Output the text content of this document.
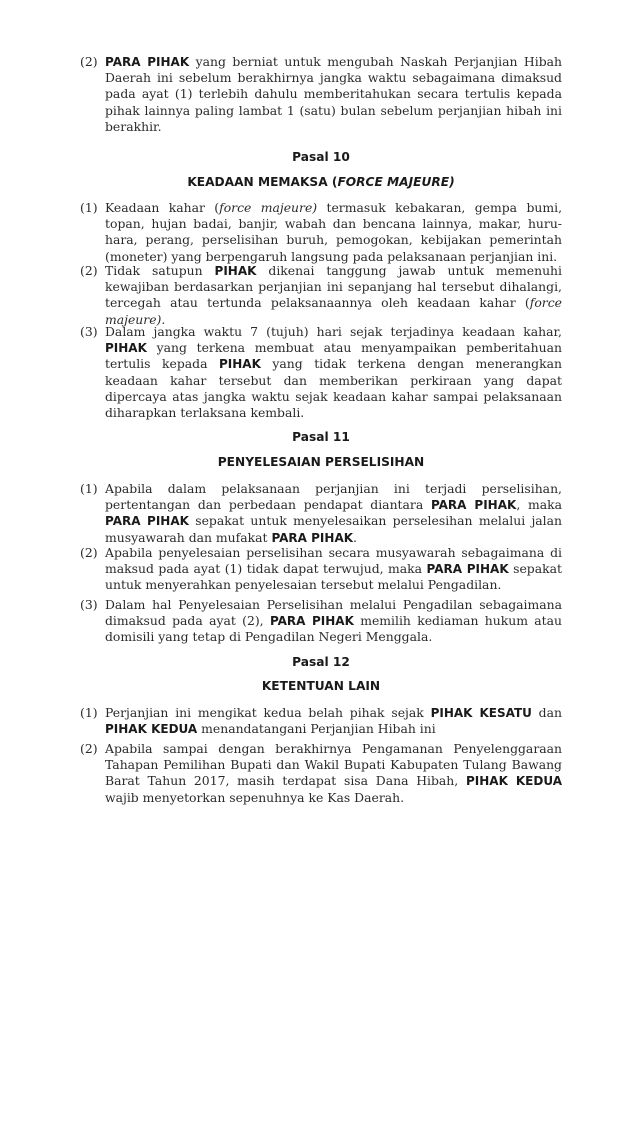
(2) PARA PIHAK yang berniat untuk mengubah Naskah Perjanjian Hibah Daerah ini sebelum berakhirnya jangka waktu sebagaimana dimaksud pada ayat (1) terlebih dahulu memberitahukan secara tertulis kepada pihak lainnya paling lambat 1 (satu) bulan sebelum perjanjian hibah ini berakhir.
Pasal 10
KEADAAN MEMAKSA (FORCE MAJEURE)
(1) Keadaan kahar (force majeure) termasuk kebakaran, gempa bumi, topan, hujan badai, banjir, wabah dan bencana lainnya, makar, huru-hara, perang, perselisihan buruh, pemogokan, kebijakan pemerintah (moneter) yang berpengaruh langsung pada pelaksanaan perjanjian ini.
(2) Tidak satupun PIHAK dikenai tanggung jawab untuk memenuhi kewajiban berdasarkan perjanjian ini sepanjang hal tersebut dihalangi, tercegah atau tertunda pelaksanaannya oleh keadaan kahar (force majeure).
(3) Dalam jangka waktu 7 (tujuh) hari sejak terjadinya keadaan kahar, PIHAK yang terkena membuat atau menyampaikan pemberitahuan tertulis kepada PIHAK yang tidak terkena dengan menerangkan keadaan kahar tersebut dan memberikan perkiraan yang dapat dipercaya atas jangka waktu sejak keadaan kahar sampai pelaksanaan diharapkan terlaksana kembali.
Pasal 11
PENYELESAIAN PERSELISIHAN
(1) Apabila dalam pelaksanaan perjanjian ini terjadi perselisihan, pertentangan dan perbedaan pendapat diantara PARA PIHAK, maka PARA PIHAK sepakat untuk menyelesaikan perselesihan melalui jalan musyawarah dan mufakat PARA PIHAK.
(2) Apabila penyelesaian perselisihan secara musyawarah sebagaimana di maksud pada ayat (1) tidak dapat terwujud, maka PARA PIHAK sepakat untuk menyerahkan penyelesaian tersebut melalui Pengadilan.
(3) Dalam hal Penyelesaian Perselisihan melalui Pengadilan sebagaimana dimaksud pada ayat (2), PARA PIHAK memilih kediaman hukum atau domisili yang tetap di Pengadilan Negeri Menggala.
Pasal 12
KETENTUAN LAIN
(1) Perjanjian ini mengikat kedua belah pihak sejak PIHAK KESATU dan PIHAK KEDUA menandatangani Perjanjian Hibah ini
(2) Apabila sampai dengan berakhirnya Pengamanan Penyelenggaraan Tahapan Pemilihan Bupati dan Wakil Bupati Kabupaten Tulang Bawang Barat Tahun 2017, masih terdapat sisa Dana Hibah, PIHAK KEDUA wajib menyetorkan sepenuhnya ke Kas Daerah.
